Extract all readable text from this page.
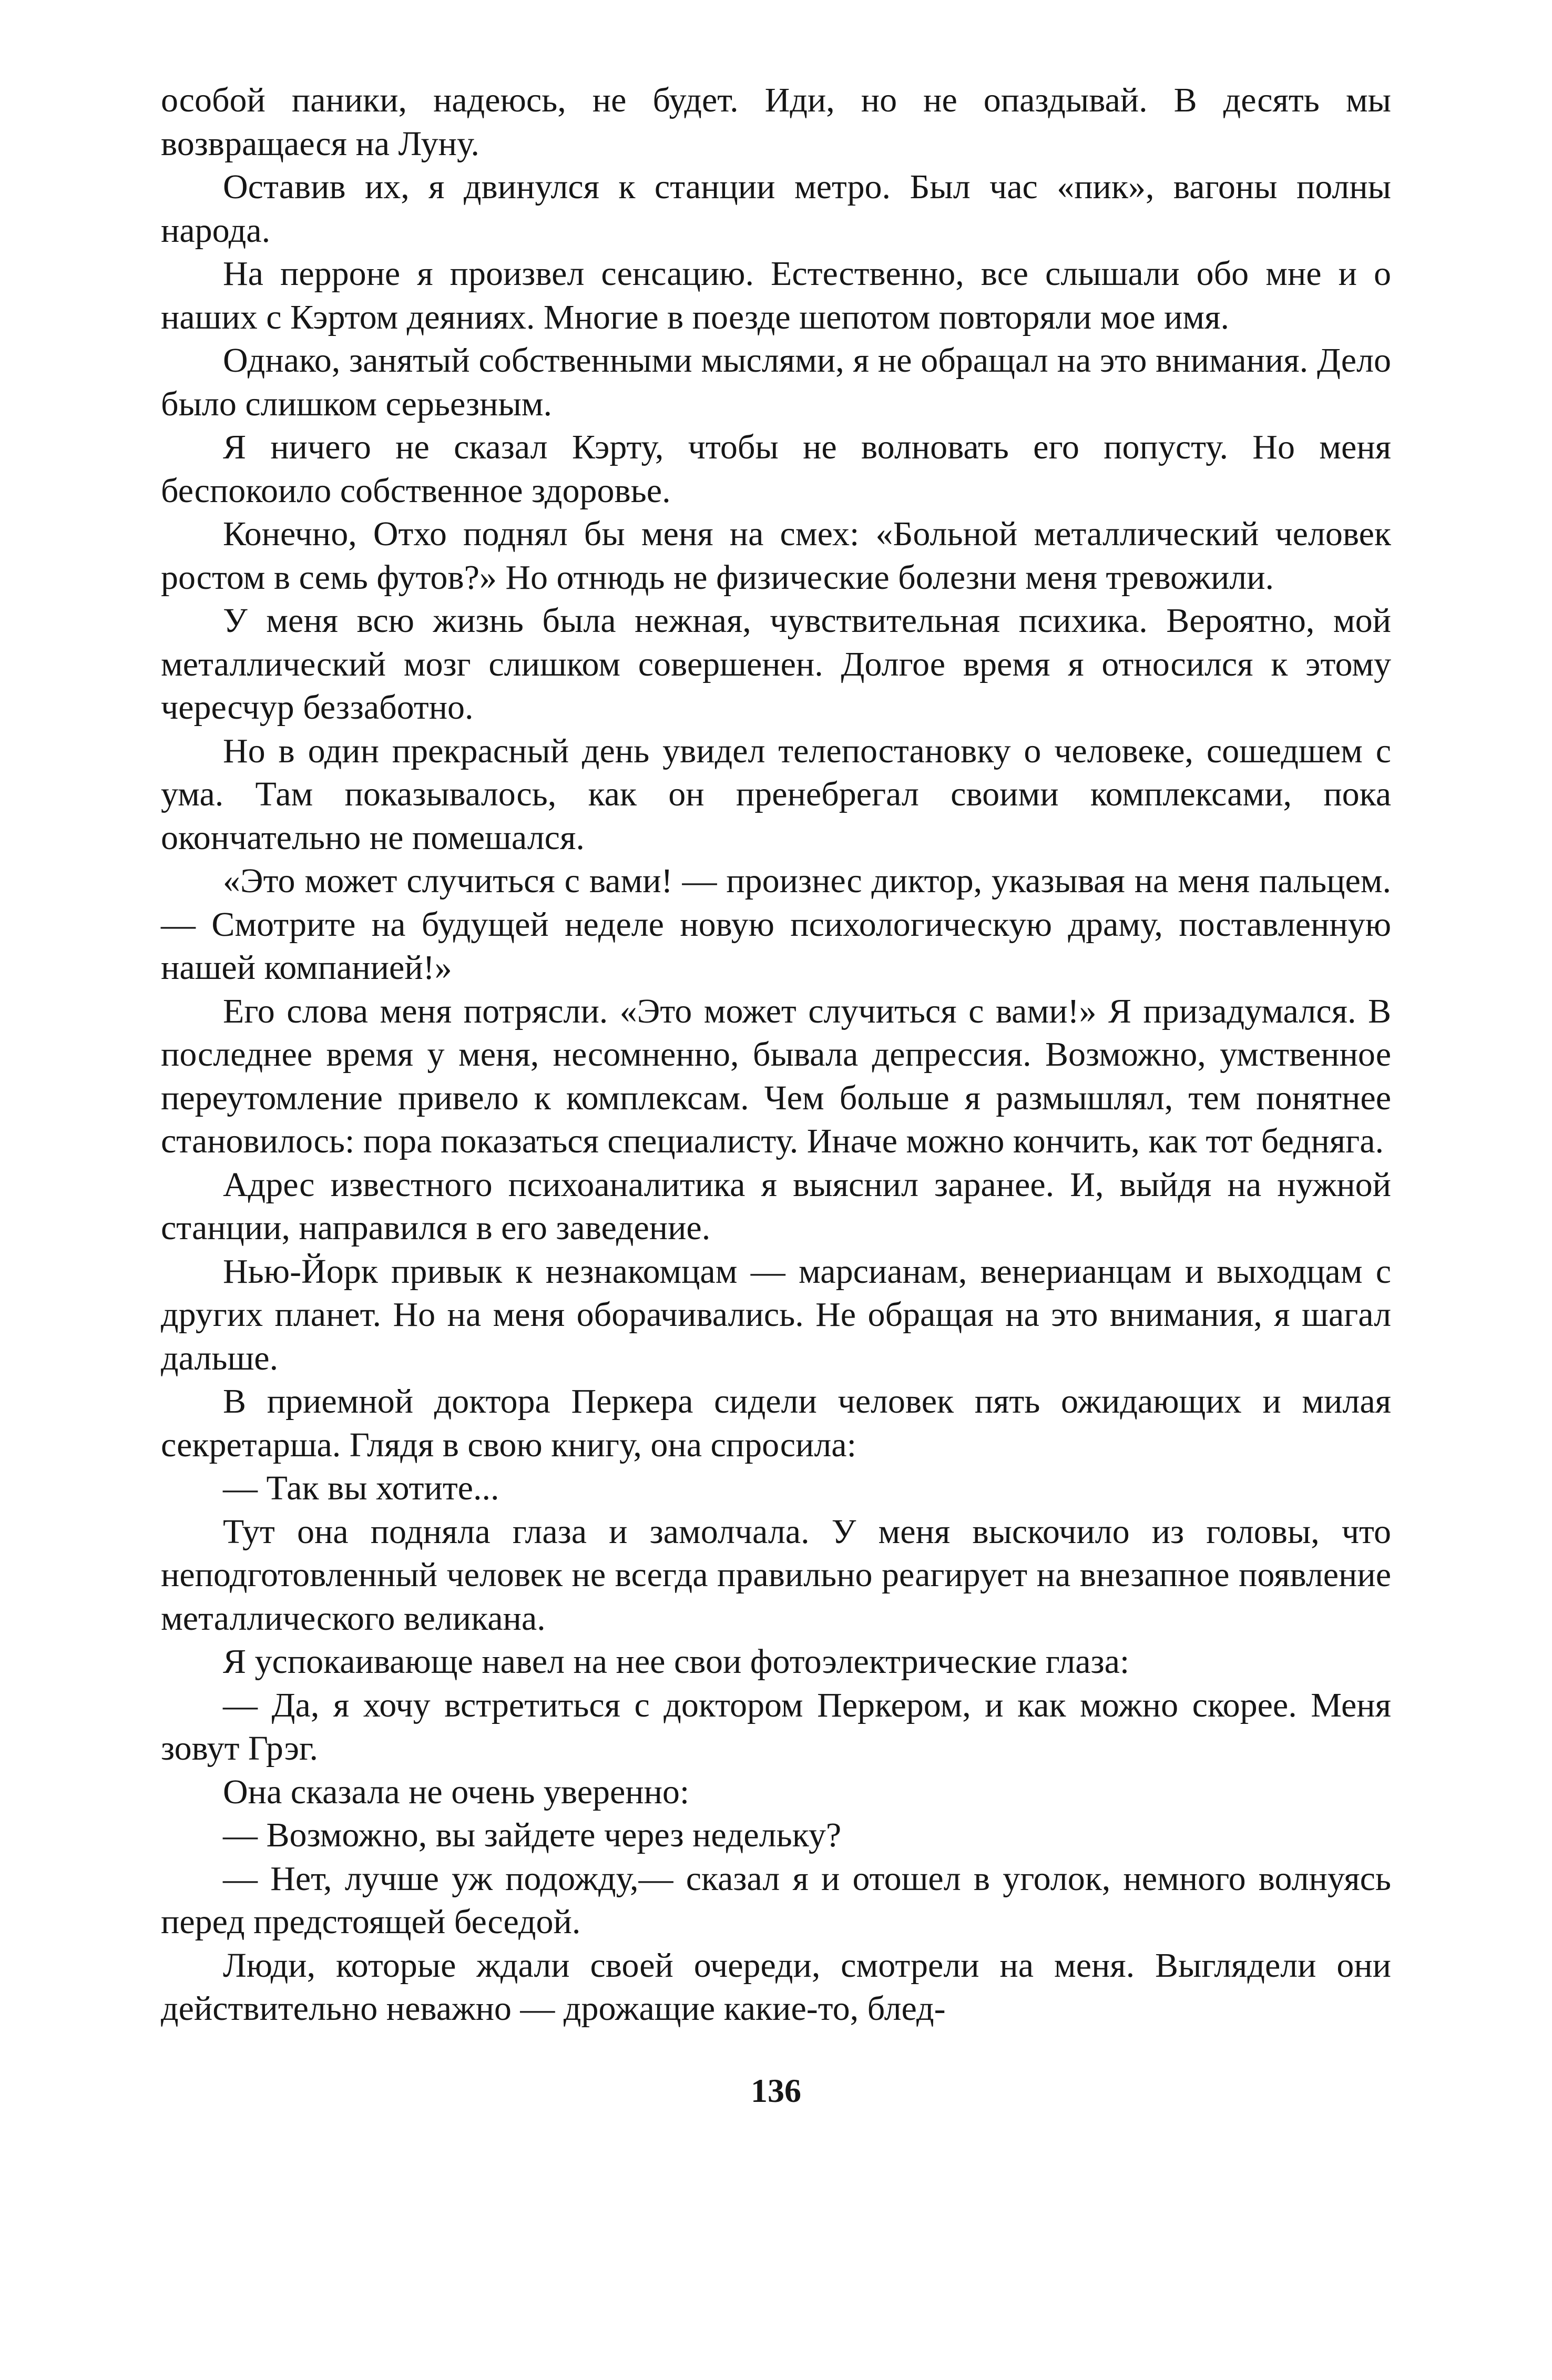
особой паники, надеюсь, не будет. Иди, но не опаздывай. В десять мы возвращаеся на Луну.

Оставив их, я двинулся к станции метро. Был час «пик», вагоны полны народа.

На перроне я произвел сенсацию. Естественно, все слышали обо мне и о наших с Кэртом деяниях. Многие в поезде шепотом повторяли мое имя.

Однако, занятый собственными мыслями, я не обращал на это внимания. Дело было слишком серьезным.

Я ничего не сказал Кэрту, чтобы не волновать его попусту. Но меня беспокоило собственное здоровье.

Конечно, Отхо поднял бы меня на смех: «Больной металлический человек ростом в семь футов?» Но отнюдь не физические болезни меня тревожили.

У меня всю жизнь была нежная, чувствительная психика. Вероятно, мой металлический мозг слишком совершенен. Долгое время я относился к этому чересчур беззаботно.

Но в один прекрасный день увидел телепостановку о человеке, сошедшем с ума. Там показывалось, как он пренебрегал своими комплексами, пока окончательно не помешался.

«Это может случиться с вами! — произнес диктор, указывая на меня пальцем.— Смотрите на будущей неделе новую психологическую драму, поставленную нашей компанией!»

Его слова меня потрясли. «Это может случиться с вами!» Я призадумался. В последнее время у меня, несомненно, бывала депрессия. Возможно, умственное переутомление привело к комплексам. Чем больше я размышлял, тем понятнее становилось: пора показаться специалисту. Иначе можно кончить, как тот бедняга.

Адрес известного психоаналитика я выяснил заранее. И, выйдя на нужной станции, направился в его заведение.

Нью-Йорк привык к незнакомцам — марсианам, венерианцам и выходцам с других планет. Но на меня оборачивались. Не обращая на это внимания, я шагал дальше.

В приемной доктора Перкера сидели человек пять ожидающих и милая секретарша. Глядя в свою книгу, она спросила:

— Так вы хотите...

Тут она подняла глаза и замолчала. У меня выскочило из головы, что неподготовленный человек не всегда правильно реагирует на внезапное появление металлического великана.

Я успокаивающе навел на нее свои фотоэлектрические глаза:

— Да, я хочу встретиться с доктором Перкером, и как можно скорее. Меня зовут Грэг.

Она сказала не очень уверенно:

— Возможно, вы зайдете через недельку?

— Нет, лучше уж подожду,— сказал я и отошел в уголок, немного волнуясь перед предстоящей беседой.

Люди, которые ждали своей очереди, смотрели на меня. Выглядели они действительно неважно — дрожащие какие-то, блед-

136
